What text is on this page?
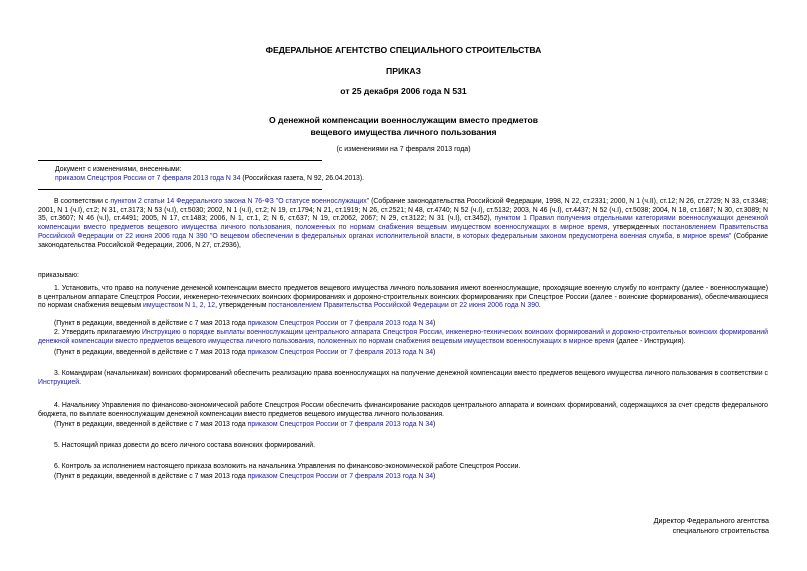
ФЕДЕРАЛЬНОЕ АГЕНТСТВО СПЕЦИАЛЬНОГО СТРОИТЕЛЬСТВА
ПРИКАЗ
от 25 декабря 2006 года N 531
О денежной компенсации военнослужащим вместо предметов
вещевого имущества личного пользования
(с изменениями на 7 февраля 2013 года)

Документ с изменениями, внесенными:

приказом Спецстроя России от 7 февраля 2013 года N 34 (Российская газета, N 92, 26.04.2013).

В соответствии с пунктом 2 статьи 14 Федерального закона N 76-ФЗ "О статусе военнослужащих" (Собрание законодательства Российской Федерации, 1998, N 22, ст.2331; 2000, N 1 (ч.II), ст.12; N 26, ст.2729; N 33, ст.3348; 2001, N 1 (ч.I), ст.2; N 31, ст.3173; N 53 (ч.I), ст.5030; 2002, N 1 (ч.I), ст.2; N 19, ст.1794; N 21, ст.1919; N 26, ст.2521; N 48, ст.4740; N 52 (ч.I), ст.5132; 2003, N 46 (ч.I), ст.4437; N 52 (ч.I), ст.5038; 2004, N 18, ст.1687; N 30, ст.3089; N 35, ст.3607; N 46 (ч.I), ст.4491; 2005, N 17, ст.1483; 2006, N 1, ст.1, 2; N 6, ст.637; N 19, ст.2062, 2067; N 29, ст.3122; N 31 (ч.I), ст.3452), пунктом 1 Правил получения отдельными категориями военнослужащих денежной компенсации вместо предметов вещевого имущества личного пользования, положенных по нормам снабжения вещевым имуществом военнослужащих в мирное время, утвержденных постановлением Правительства Российской Федерации от 22 июня 2006 года N 390 "О вещевом обеспечении в федеральных органах исполнительной власти, в которых федеральным законом предусмотрена военная служба, в мирное время" (Собрание законодательства Российской Федерации, 2006, N 27, ст.2936),
приказываю:
1. Установить, что право на получение денежной компенсации вместо предметов вещевого имущества личного пользования имеют военнослужащие, проходящие военную службу по контракту (далее - военнослужащие) в центральном аппарате Спецстроя России, инженерно-технических воинских формированиях и дорожно-строительных воинских формированиях при Спецстрое России (далее - воинские формирования), обеспечивающиеся по нормам снабжения вещевым имуществом N 1, 2, 12, утвержденным постановлением Правительства Российской Федерации от 22 июня 2006 года N 390.
(Пункт в редакции, введенной в действие с 7 мая 2013 года приказом Спецстроя России от 7 февраля 2013 года N 34)
2. Утвердить прилагаемую Инструкцию о порядке выплаты военнослужащим центрального аппарата Спецстроя России, инженерно-технических воинских формирований и дорожно-строительных воинских формирований денежной компенсации вместо предметов вещевого имущества личного пользования, положенных по нормам снабжения вещевым имуществом военнослужащих в мирное время (далее - Инструкция).
(Пункт в редакции, введенной в действие с 7 мая 2013 года приказом Спецстроя России от 7 февраля 2013 года N 34)
3. Командирам (начальникам) воинских формирований обеспечить реализацию права военнослужащих на получение денежной компенсации вместо предметов вещевого имущества личного пользования в соответствии с Инструкцией.
4. Начальнику Управления по финансово-экономической работе Спецстроя России обеспечить финансирование расходов центрального аппарата и воинских формирований, содержащихся за счет средств федерального бюджета, по выплате военнослужащим денежной компенсации вместо предметов вещевого имущества личного пользования.
(Пункт в редакции, введенной в действие с 7 мая 2013 года приказом Спецстроя России от 7 февраля 2013 года N 34)
5. Настоящий приказ довести до всего личного состава воинских формирований.
6. Контроль за исполнением настоящего приказа возложить на начальника Управления по финансово-экономической работе Спецстроя России.
(Пункт в редакции, введенной в действие с 7 мая 2013 года приказом Спецстроя России от 7 февраля 2013 года N 34)

Директор Федерального агентства

специального строительства
